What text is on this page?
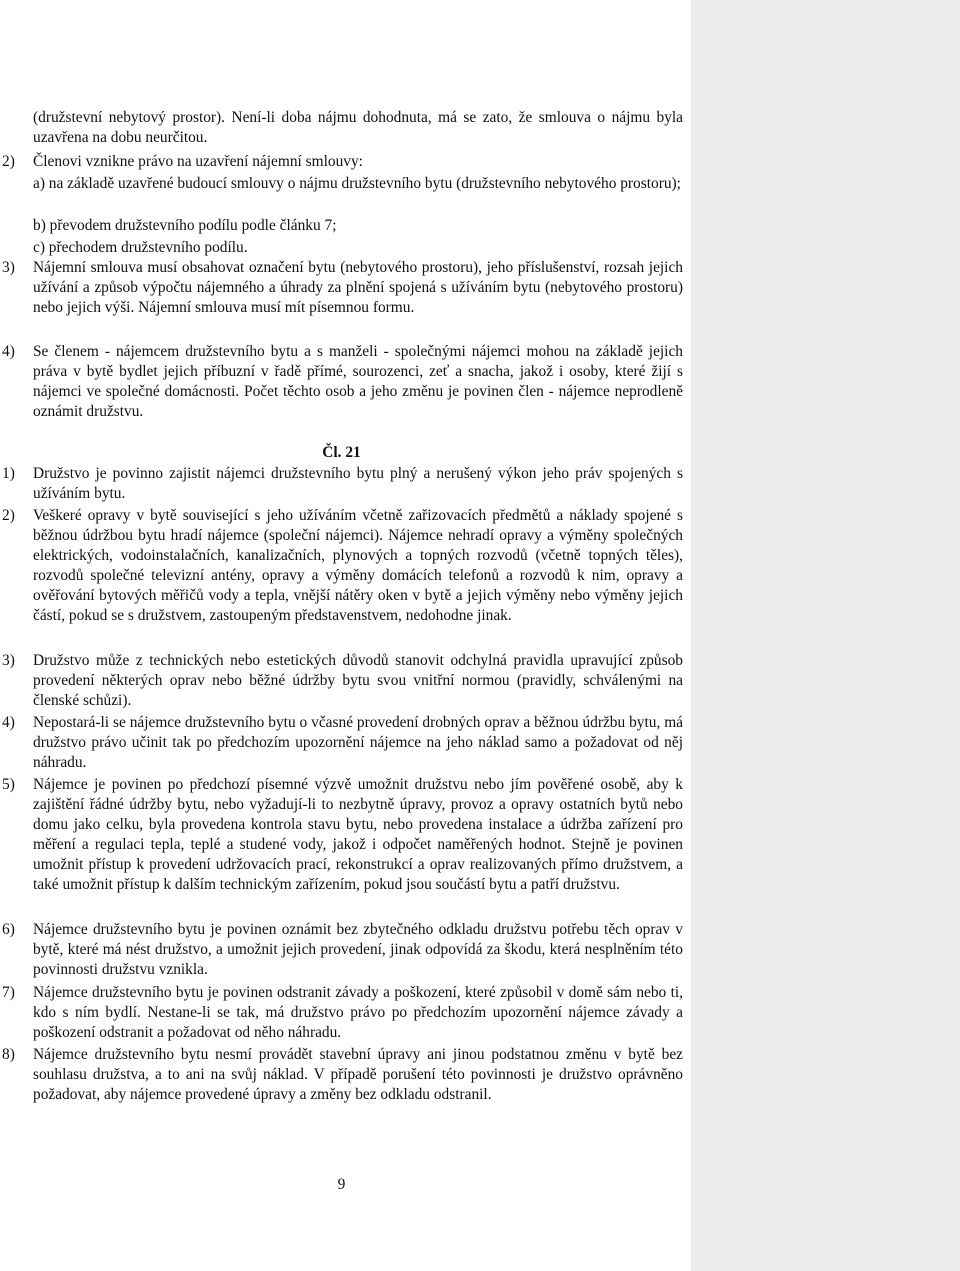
(družstevní nebytový prostor). Není-li doba nájmu dohodnuta, má se zato, že smlouva o nájmu byla uzavřena na dobu neurčitou.
2) Členovi vznikne právo na uzavření nájemní smlouvy:
a) na základě uzavřené budoucí smlouvy o nájmu družstevního bytu (družstevního nebytového prostoru);
b) převodem družstevního podílu podle článku 7;
c) přechodem družstevního podílu.
3) Nájemní smlouva musí obsahovat označení bytu (nebytového prostoru), jeho příslušenství, rozsah jejich užívání a způsob výpočtu nájemného a úhrady za plnění spojená s užíváním bytu (nebytového prostoru) nebo jejich výši. Nájemní smlouva musí mít písemnou formu.
4) Se členem - nájemcem družstevního bytu a s manželi - společnými nájemci mohou na základě jejich práva v bytě bydlet jejich příbuzní v řadě přímé, sourozenci, zeť a snacha, jakož i osoby, které žijí s nájemci ve společné domácnosti. Počet těchto osob a jeho změnu je povinen člen - nájemce neprodleně oznámit družstvu.
Čl. 21
1) Družstvo je povinno zajistit nájemci družstevního bytu plný a nerušený výkon jeho práv spojených s užíváním bytu.
2) Veškeré opravy v bytě související s jeho užíváním včetně zařizovacích předmětů a náklady spojené s běžnou údržbou bytu hradí nájemce (společní nájemci). Nájemce nehradí opravy a výměny společných elektrických, vodoinstalačních, kanalizačních, plynových a topných rozvodů (včetně topných těles), rozvodů společné televizní antény, opravy a výměny domácích telefonů a rozvodů k nim, opravy a ověřování bytových měřičů vody a tepla, vnější nátěry oken v bytě a jejich výměny nebo výměny jejich částí, pokud se s družstvem, zastoupeným představenstvem, nedohodne jinak.
3) Družstvo může z technických nebo estetických důvodů stanovit odchylná pravidla upravující způsob provedení některých oprav nebo běžné údržby bytu svou vnitřní normou (pravidly, schválenými na členské schůzi).
4) Nepostará-li se nájemce družstevního bytu o včasné provedení drobných oprav a běžnou údržbu bytu, má družstvo právo učinit tak po předchozím upozornění nájemce na jeho náklad samo a požadovat od něj náhradu.
5) Nájemce je povinen po předchozí písemné výzvě umožnit družstvu nebo jím pověřené osobě, aby k zajištění řádné údržby bytu, nebo vyžadují-li to nezbytně úpravy, provoz a opravy ostatních bytů nebo domu jako celku, byla provedena kontrola stavu bytu, nebo provedena instalace a údržba zařízení pro měření a regulaci tepla, teplé a studené vody, jakož i odpočet naměřených hodnot. Stejně je povinen umožnit přístup k provedení udržovacích prací, rekonstrukcí a oprav realizovaných přímo družstvem, a také umožnit přístup k dalším technickým zařízením, pokud jsou součástí bytu a patří družstvu.
6) Nájemce družstevního bytu je povinen oznámit bez zbytečného odkladu družstvu potřebu těch oprav v bytě, které má nést družstvo, a umožnit jejich provedení, jinak odpovídá za škodu, která nesplněním této povinnosti družstvu vznikla.
7) Nájemce družstevního bytu je povinen odstranit závady a poškození, které způsobil v domě sám nebo ti, kdo s ním bydlí. Nestane-li se tak, má družstvo právo po předchozím upozornění nájemce závady a poškození odstranit a požadovat od něho náhradu.
8) Nájemce družstevního bytu nesmí provádět stavební úpravy ani jinou podstatnou změnu v bytě bez souhlasu družstva, a to ani na svůj náklad. V případě porušení této povinnosti je družstvo oprávněno požadovat, aby nájemce provedené úpravy a změny bez odkladu odstranil.
9
